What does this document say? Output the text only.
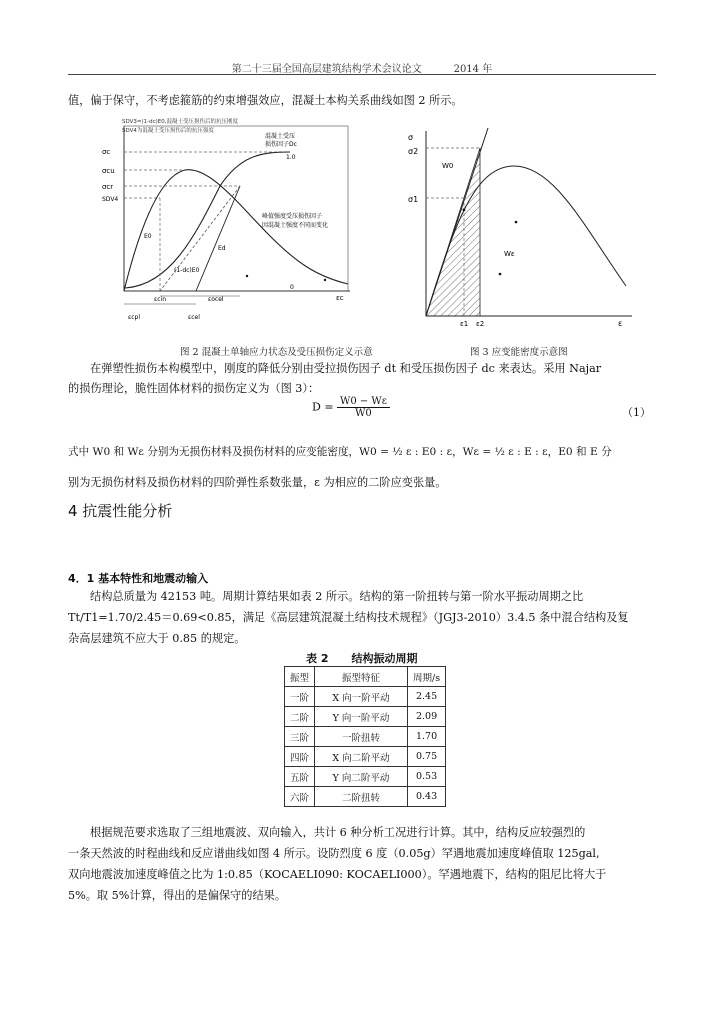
第二十三届全国高层建筑结构学术会议论文	2014 年
值，偏于保守，不考虑箍筋的约束增强效应，混凝土本构关系曲线如图 2 所示。
SDV3=(1-dc)E0,混凝土受压损伤后的抗压刚度
SDV4为混凝土受压损伤后的抗压强度
σc
σcu
σcr
SDV4
混凝土受压
损伤因子Dc
1.0
E0
Ed
(1-dc)E0
0
εc
峰值强度受压损伤因子
因混凝土强度不同而变化
εcin
εcpl
εocel
εcel
σ
σ2
σ1
W0
Wε
ε1 ε2	ε
图 2 混凝土单轴应力状态及受压损伤定义示意	图 3 应变能密度示意图
在弹塑性损伤本构模型中，刚度的降低分别由受拉损伤因子 dt 和受压损伤因子 dc 来表达。采用 Najar
的损伤理论，脆性固体材料的损伤定义为（图 3）：
$D = \frac{W0 - W\varepsilon}{W0}$	（1）
式中 W0 和 Wε 分别为无损伤材料及损伤材料的应变能密度，W0 = ½ ε : E0 : ε，Wε = ½ ε : E : ε，E0 和 E 分
别为无损伤材料及损伤材料的四阶弹性系数张量，ε 为相应的二阶应变张量。
4 抗震性能分析
4．1 基本特性和地震动输入
结构总质量为 42153 吨。周期计算结果如表 2 所示。结构的第一阶扭转与第一阶水平振动周期之比
Tt/T1=1.70/2.45＝0.69<0.85，满足《高层建筑混凝土结构技术规程》（JGJ3-2010）3.4.5 条中混合结构及复
杂高层建筑不应大于 0.85 的规定。
表 2 结构振动周期
振型	振型特征	周期/s
一阶	X 向一阶平动	2.45
二阶	Y 向一阶平动	2.09
三阶	一阶扭转	1.70
四阶	X 向二阶平动	0.75
五阶	Y 向二阶平动	0.53
六阶	二阶扭转	0.43
根据规范要求选取了三组地震波、双向输入，共计 6 种分析工况进行计算。其中，结构反应较强烈的
一条天然波的时程曲线和反应谱曲线如图 4 所示。设防烈度 6 度（0.05g）罕遇地震加速度峰值取 125gal,
双向地震波加速度峰值之比为 1:0.85（KOCAELI090: KOCAELI000）。罕遇地震下，结构的阻尼比将大于
5%。取 5%计算，得出的是偏保守的结果。
